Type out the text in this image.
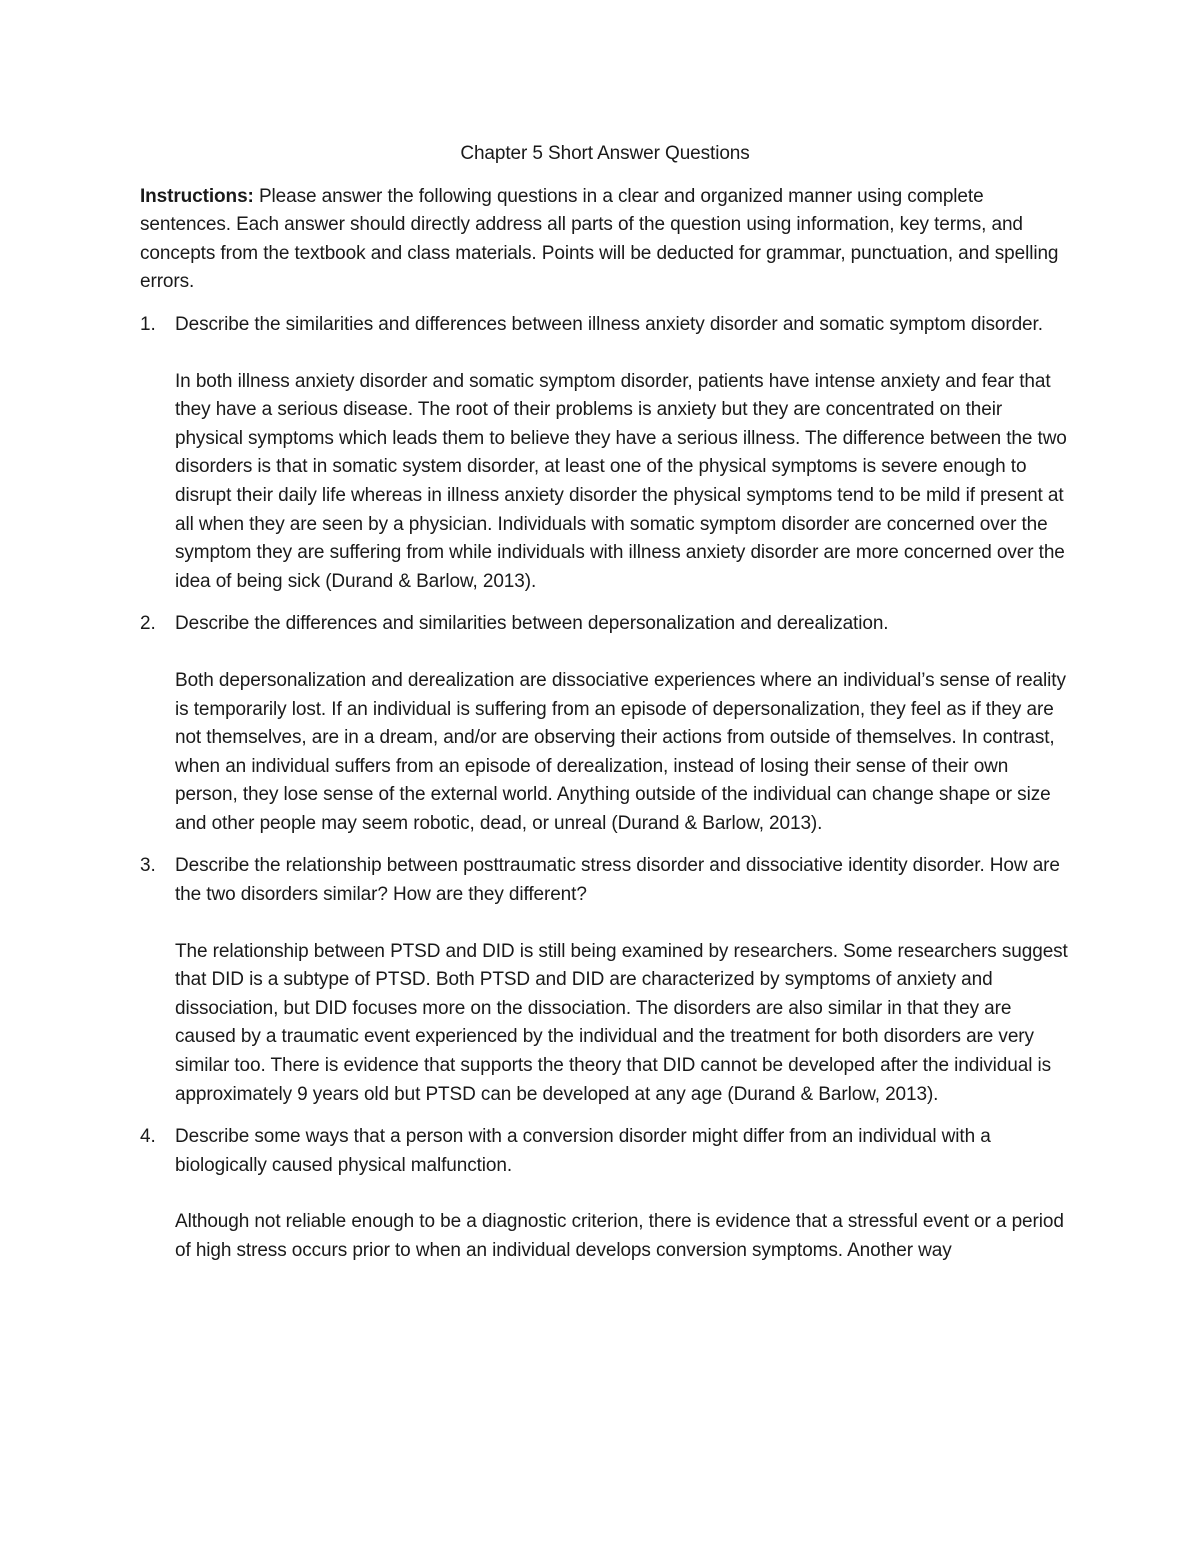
Chapter 5 Short Answer Questions

Instructions: Please answer the following questions in a clear and organized manner using complete sentences. Each answer should directly address all parts of the question using information, key terms, and concepts from the textbook and class materials. Points will be deducted for grammar, punctuation, and spelling errors.

1. Describe the similarities and differences between illness anxiety disorder and somatic symptom disorder.

In both illness anxiety disorder and somatic symptom disorder, patients have intense anxiety and fear that they have a serious disease. The root of their problems is anxiety but they are concentrated on their physical symptoms which leads them to believe they have a serious illness. The difference between the two disorders is that in somatic system disorder, at least one of the physical symptoms is severe enough to disrupt their daily life whereas in illness anxiety disorder the physical symptoms tend to be mild if present at all when they are seen by a physician. Individuals with somatic symptom disorder are concerned over the symptom they are suffering from while individuals with illness anxiety disorder are more concerned over the idea of being sick (Durand & Barlow, 2013).

2. Describe the differences and similarities between depersonalization and derealization.

Both depersonalization and derealization are dissociative experiences where an individual’s sense of reality is temporarily lost. If an individual is suffering from an episode of depersonalization, they feel as if they are not themselves, are in a dream, and/or are observing their actions from outside of themselves. In contrast, when an individual suffers from an episode of derealization, instead of losing their sense of their own person, they lose sense of the external world. Anything outside of the individual can change shape or size and other people may seem robotic, dead, or unreal (Durand & Barlow, 2013).

3. Describe the relationship between posttraumatic stress disorder and dissociative identity disorder. How are the two disorders similar? How are they different?

The relationship between PTSD and DID is still being examined by researchers. Some researchers suggest that DID is a subtype of PTSD. Both PTSD and DID are characterized by symptoms of anxiety and dissociation, but DID focuses more on the dissociation. The disorders are also similar in that they are caused by a traumatic event experienced by the individual and the treatment for both disorders are very similar too. There is evidence that supports the theory that DID cannot be developed after the individual is approximately 9 years old but PTSD can be developed at any age (Durand & Barlow, 2013).

4. Describe some ways that a person with a conversion disorder might differ from an individual with a biologically caused physical malfunction.

Although not reliable enough to be a diagnostic criterion, there is evidence that a stressful event or a period of high stress occurs prior to when an individual develops conversion symptoms. Another way
